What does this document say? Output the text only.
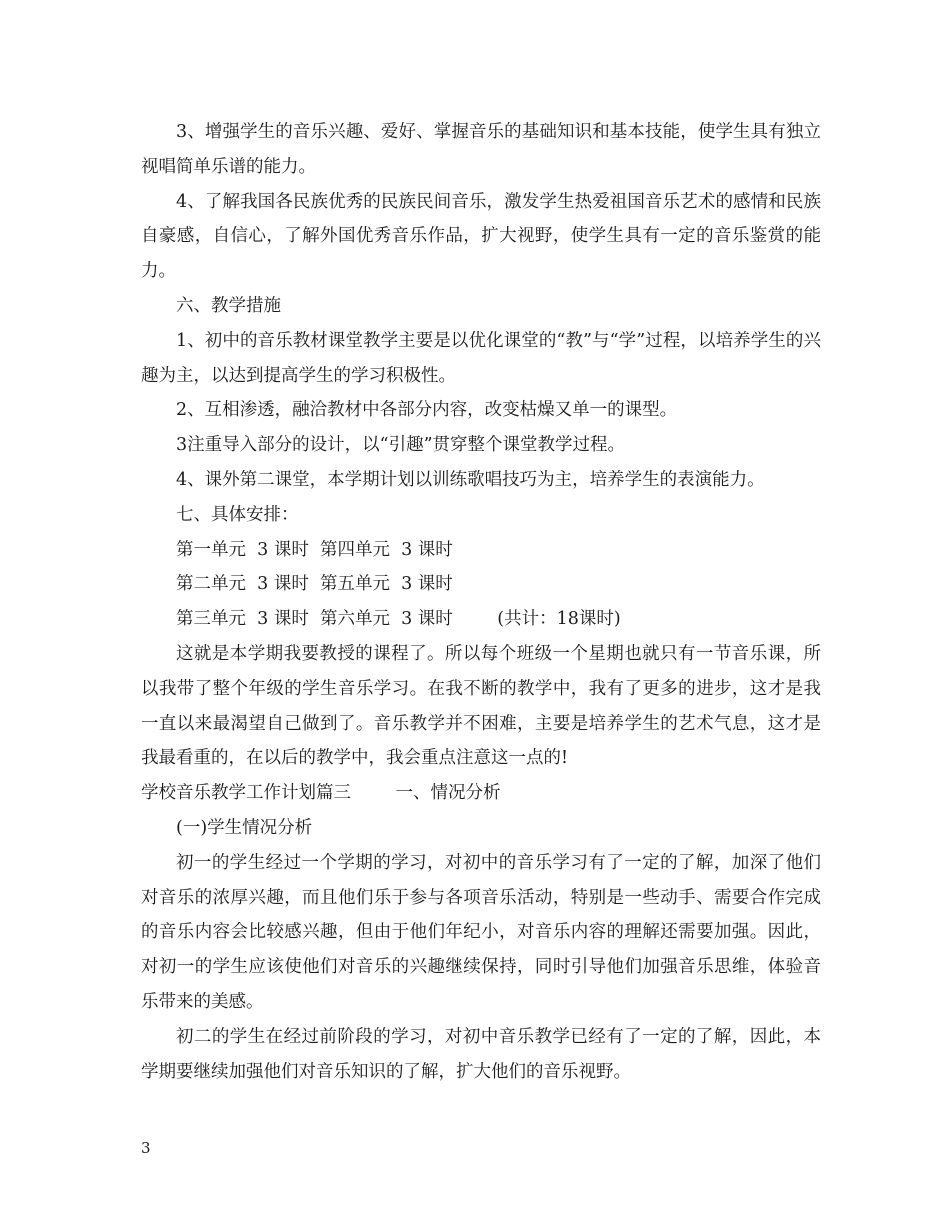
3、增强学生的音乐兴趣、爱好、掌握音乐的基础知识和基本技能，使学生具有独立视唱简单乐谱的能力。

4、了解我国各民族优秀的民族民间音乐，激发学生热爱祖国音乐艺术的感情和民族自豪感，自信心，了解外国优秀音乐作品，扩大视野，使学生具有一定的音乐鉴赏的能力。

六、教学措施

1、初中的音乐教材课堂教学主要是以优化课堂的“教”与“学”过程，以培养学生的兴趣为主，以达到提高学生的学习积极性。

2、互相渗透，融洽教材中各部分内容，改变枯燥又单一的课型。

3注重导入部分的设计，以“引趣”贯穿整个课堂教学过程。

4、课外第二课堂，本学期计划以训练歌唱技巧为主，培养学生的表演能力。

七、具体安排：

第一单元  3 课时  第四单元  3 课时

第二单元  3 课时  第五单元  3 课时

第三单元  3 课时  第六单元  3 课时        (共计：18课时)

这就是本学期我要教授的课程了。所以每个班级一个星期也就只有一节音乐课，所以我带了整个年级的学生音乐学习。在我不断的教学中，我有了更多的进步，这才是我一直以来最渴望自己做到了。音乐教学并不困难，主要是培养学生的艺术气息，这才是我最看重的，在以后的教学中，我会重点注意这一点的!

学校音乐教学工作计划篇三        一、情况分析

(一)学生情况分析

初一的学生经过一个学期的学习，对初中的音乐学习有了一定的了解，加深了他们对音乐的浓厚兴趣，而且他们乐于参与各项音乐活动，特别是一些动手、需要合作完成的音乐内容会比较感兴趣，但由于他们年纪小，对音乐内容的理解还需要加强。因此，对初一的学生应该使他们对音乐的兴趣继续保持，同时引导他们加强音乐思维，体验音乐带来的美感。

初二的学生在经过前阶段的学习，对初中音乐教学已经有了一定的了解，因此，本学期要继续加强他们对音乐知识的了解，扩大他们的音乐视野。

3
